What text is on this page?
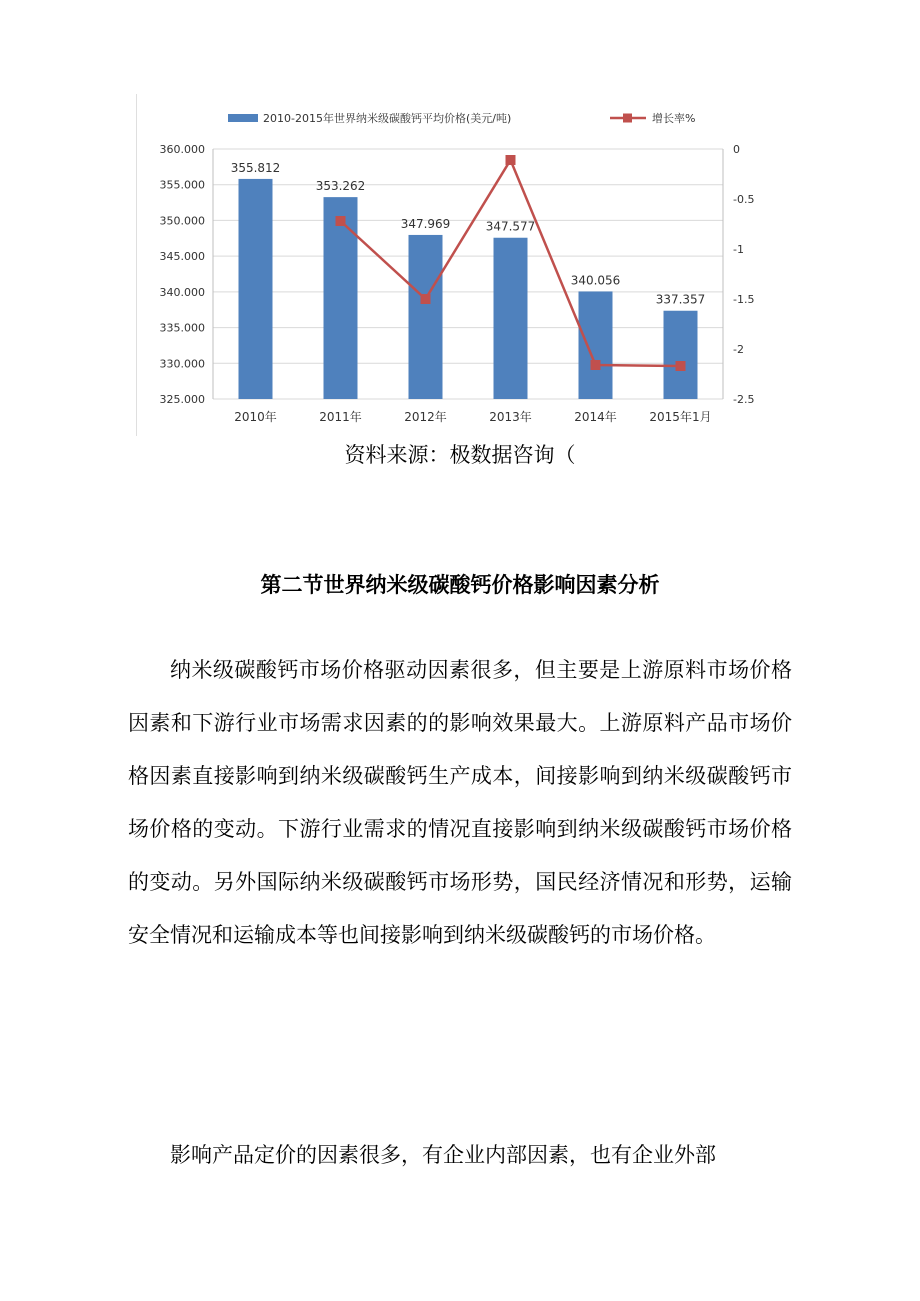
325.000
330.000
335.000
340.000
345.000
350.000
355.000
360.000	0
-0.5
-1
-1.5
-2
-2.5
355.812
353.262
347.969	347.577
340.056
337.357
2010年	2011年	2012年	2013年	2014年	2015年1月
2010-2015年世界纳米级碳酸钙平均价格(美元/吨)	增长率%
资料来源：极数据咨询（
第二节世界纳米级碳酸钙价格影响因素分析

纳米级碳酸钙市场价格驱动因素很多，但主要是上游原料市场价格因素和下游行业市场需求因素的的影响效果最大。上游原料产品市场价格因素直接影响到纳米级碳酸钙生产成本，间接影响到纳米级碳酸钙市场价格的变动。下游行业需求的情况直接影响到纳米级碳酸钙市场价格的变动。另外国际纳米级碳酸钙市场形势，国民经济情况和形势，运输安全情况和运输成本等也间接影响到纳米级碳酸钙的市场价格。

影响产品定价的因素很多，有企业内部因素，也有企业外部
